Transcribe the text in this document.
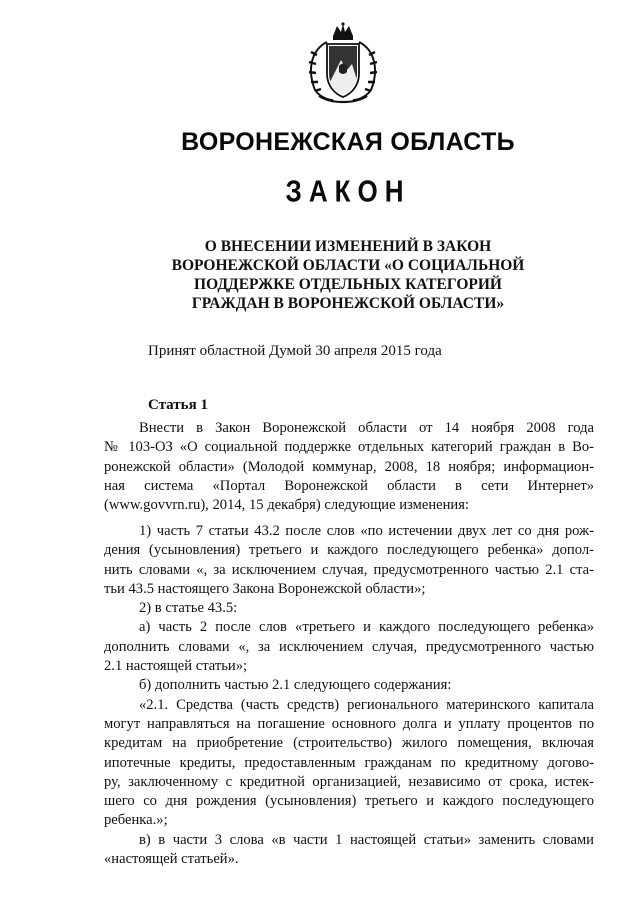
ВОРОНЕЖСКАЯ ОБЛАСТЬ
ЗАКОН
О ВНЕСЕНИИ ИЗМЕНЕНИЙ В ЗАКОН
ВОРОНЕЖСКОЙ ОБЛАСТИ «О СОЦИАЛЬНОЙ
ПОДДЕРЖКЕ ОТДЕЛЬНЫХ КАТЕГОРИЙ
ГРАЖДАН В ВОРОНЕЖСКОЙ ОБЛАСТИ»
Принят областной Думой 30 апреля 2015 года
Статья 1
Внести в Закон Воронежской области от 14 ноября 2008 года
№ 103-ОЗ «О социальной поддержке отдельных категорий граждан в Во-
ронежской области» (Молодой коммунар, 2008, 18 ноября; информацион-
ная система «Портал Воронежской области в сети Интернет»
(www.govvrn.ru), 2014, 15 декабря) следующие изменения:
1) часть 7 статьи 43.2 после слов «по истечении двух лет со дня рож-
дения (усыновления) третьего и каждого последующего ребенка» допол-
нить словами «, за исключением случая, предусмотренного частью 2.1 ста-
тьи 43.5 настоящего Закона Воронежской области»;
2) в статье 43.5:
а) часть 2 после слов «третьего и каждого последующего ребенка»
дополнить словами «, за исключением случая, предусмотренного частью
2.1 настоящей статьи»;
б) дополнить частью 2.1 следующего содержания:
«2.1. Средства (часть средств) регионального материнского капитала
могут направляться на погашение основного долга и уплату процентов по
кредитам на приобретение (строительство) жилого помещения, включая
ипотечные кредиты, предоставленным гражданам по кредитному догово-
ру, заключенному с кредитной организацией, независимо от срока, истек-
шего со дня рождения (усыновления) третьего и каждого последующего
ребенка.»;
в) в части 3 слова «в части 1 настоящей статьи» заменить словами
«настоящей статьей».
